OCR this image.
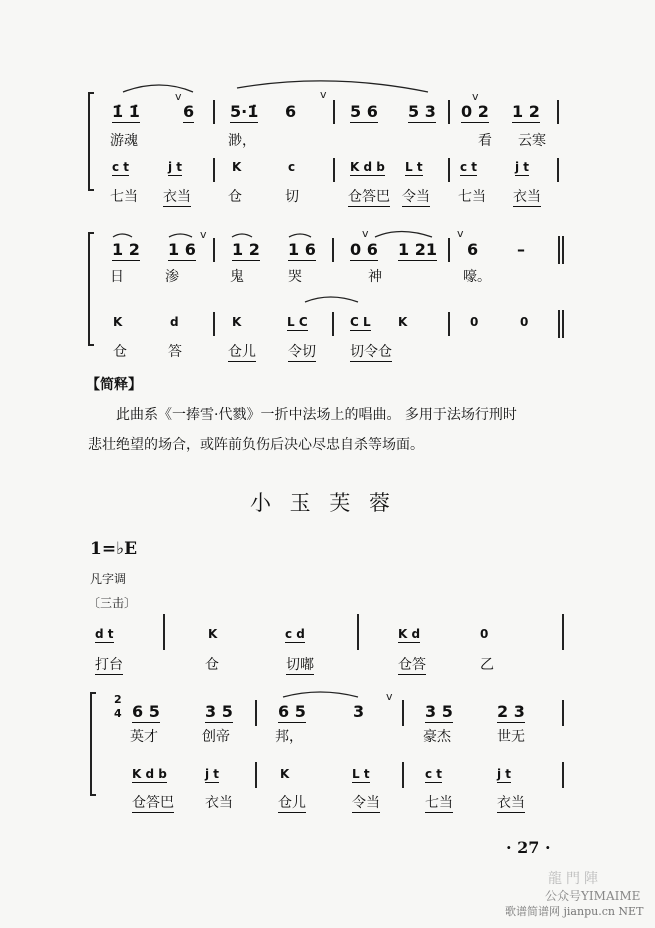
v	v	v
v	v	v
v
1̇ 1̇	6 5·1̇ 6	5 6 5 3 0 2 1 2
游魂	渺，	看 云寒
c t	j t	K	c	K d b L t	c t	j t
七当 衣当	仓	切	仓答巴 令当 七当 衣当
1 2 1 6 1 2 1 6 0 6 1 21 6 –
日	渗	鬼	哭	神	嚎。
K	d	K	L C	C L K	0	0
仓	答	仓儿 令切 切令仓
d t	K	c d	K d	0
打台	仓	切嘟	仓答	乙
6 5	3 5	6 5	3	3 5	2 3
英才	创帝	邦，	豪杰	世无
K d b	j t	K	L t	c t	j t
仓答巴 衣当	仓儿	令当	七当	衣当
【简释】
此曲系《一捧雪·代戮》一折中法场上的唱曲。 多用于法场行刑时
悲壮绝望的场合，或阵前负伤后决心尽忠自杀等场面。
小 玉 芙 蓉
1=♭E
凡字调
〔三击〕
2
4
· 27 ·
龍門陣
公众号YIMAIME
歌谱简谱网 jianpu.cn NET
